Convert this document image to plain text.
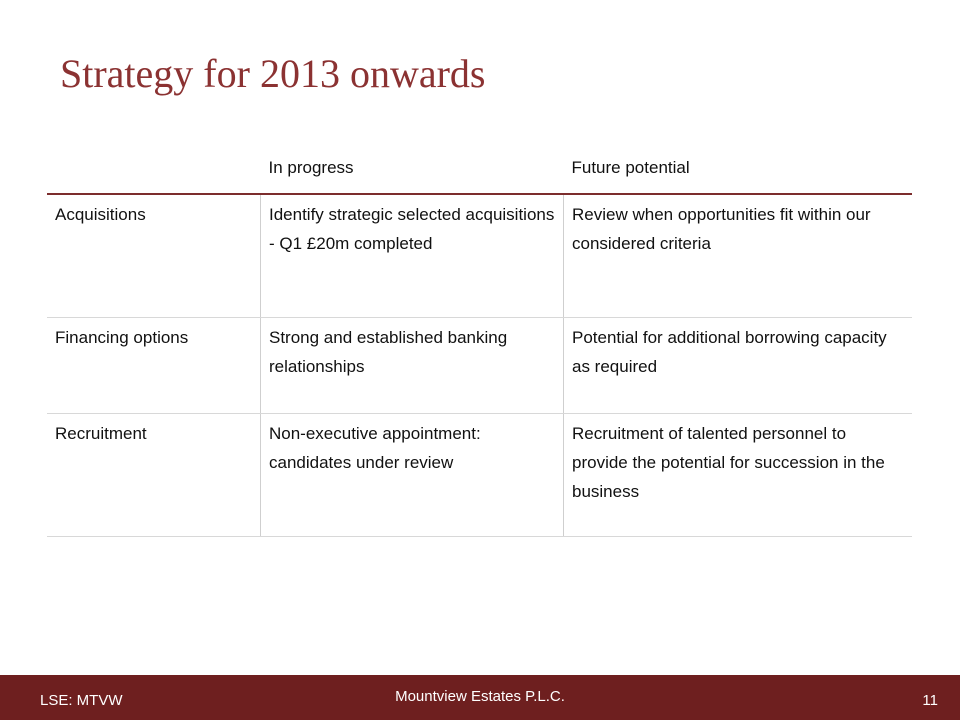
Strategy for 2013 onwards
	In progress	Future potential
Acquisitions	Identify strategic selected acquisitions - Q1 £20m completed	Review when opportunities fit within our considered criteria
Financing options	Strong and established banking relationships	Potential for additional borrowing capacity as required
Recruitment	Non-executive appointment: candidates under review	Recruitment of talented personnel to provide the potential for succession in the business
LSE: MTVW	Mountview Estates P.L.C.	11
